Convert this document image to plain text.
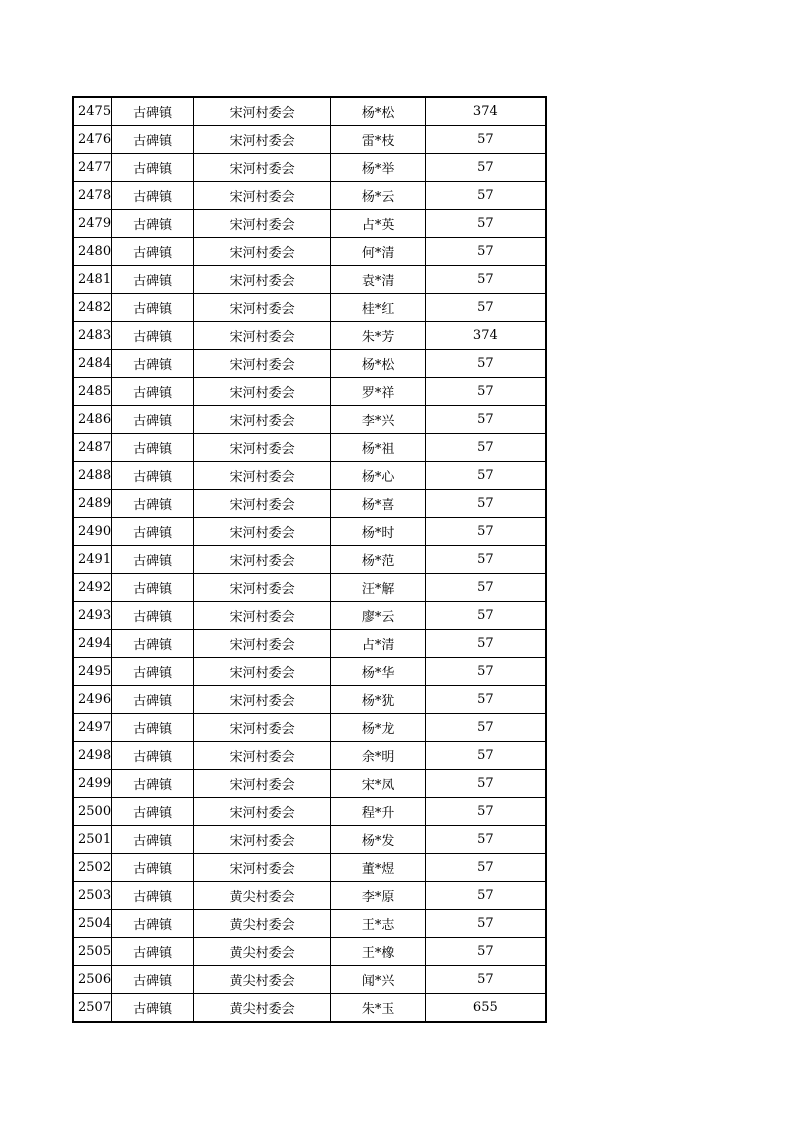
2475	古碑镇	宋河村委会	杨*松	374
2476	古碑镇	宋河村委会	雷*枝	57
2477	古碑镇	宋河村委会	杨*举	57
2478	古碑镇	宋河村委会	杨*云	57
2479	古碑镇	宋河村委会	占*英	57
2480	古碑镇	宋河村委会	何*清	57
2481	古碑镇	宋河村委会	袁*清	57
2482	古碑镇	宋河村委会	桂*红	57
2483	古碑镇	宋河村委会	朱*芳	374
2484	古碑镇	宋河村委会	杨*松	57
2485	古碑镇	宋河村委会	罗*祥	57
2486	古碑镇	宋河村委会	李*兴	57
2487	古碑镇	宋河村委会	杨*祖	57
2488	古碑镇	宋河村委会	杨*心	57
2489	古碑镇	宋河村委会	杨*喜	57
2490	古碑镇	宋河村委会	杨*时	57
2491	古碑镇	宋河村委会	杨*范	57
2492	古碑镇	宋河村委会	汪*解	57
2493	古碑镇	宋河村委会	廖*云	57
2494	古碑镇	宋河村委会	占*清	57
2495	古碑镇	宋河村委会	杨*华	57
2496	古碑镇	宋河村委会	杨*犹	57
2497	古碑镇	宋河村委会	杨*龙	57
2498	古碑镇	宋河村委会	余*明	57
2499	古碑镇	宋河村委会	宋*凤	57
2500	古碑镇	宋河村委会	程*升	57
2501	古碑镇	宋河村委会	杨*发	57
2502	古碑镇	宋河村委会	董*煜	57
2503	古碑镇	黄尖村委会	李*原	57
2504	古碑镇	黄尖村委会	王*志	57
2505	古碑镇	黄尖村委会	王*橡	57
2506	古碑镇	黄尖村委会	闻*兴	57
2507	古碑镇	黄尖村委会	朱*玉	655
